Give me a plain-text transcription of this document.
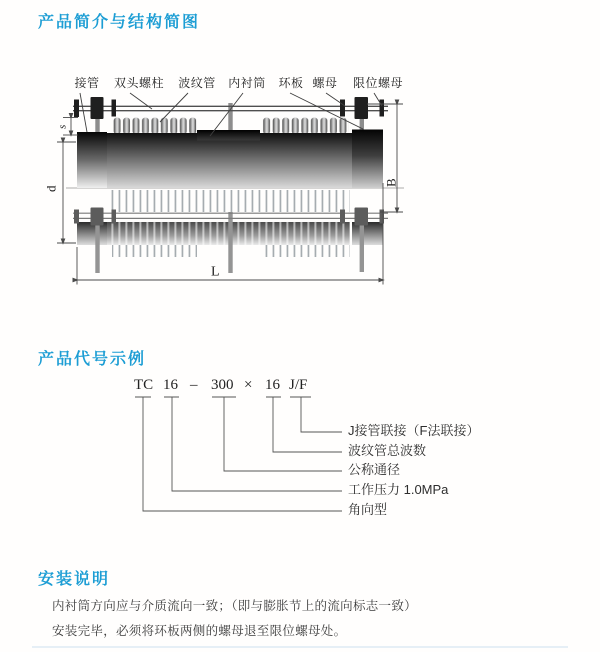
产品简介与结构简图
接管 双头螺柱 波纹管 内衬筒 环板 螺母 限位螺母
s
d
B
L
产品代号示例
TC 16 – 300 × 16 J/F
J接管联接（F法联接）
波纹管总波数
公称通径
工作压力 1.0MPa
角向型
安装说明
内衬筒方向应与介质流向一致；（即与膨胀节上的流向标志一致）
安装完毕，必须将环板两侧的螺母退至限位螺母处。
